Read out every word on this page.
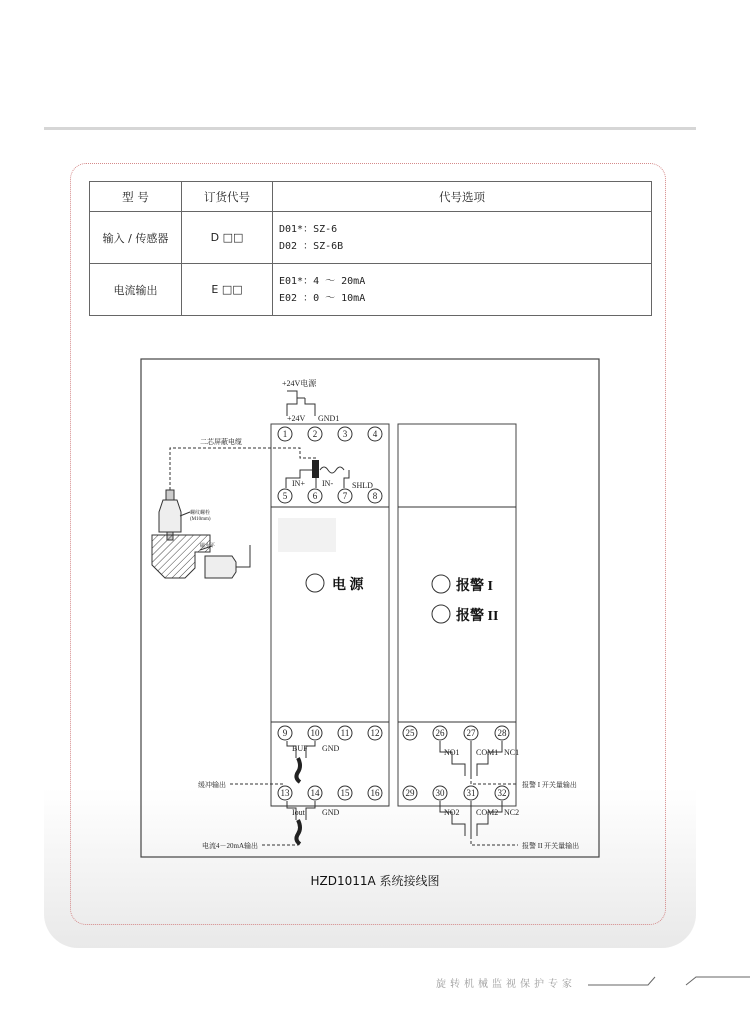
型 号	订货代号	代号选项
输入 / 传感器	D □□	D01*：SZ-6
D02 ：SZ-6B

电流输出	E □□	E01*：4 ～ 20mA
E02 ：0 ～ 10mA
+24V电源
+24V GND1
1	2	3	4
二芯屏蔽电缆
IN+ IN- SHLD
5	6	7	8
螺纹螺栓
(M10mm)
磁水平
电 源	报警 I
报警 II
9	10 11 12
BUF GND
缓冲输出
13 14 15 16
Iout GND
电流4－20mA输出
25 26 27 28
NO1 COM1 NC1
报警 I 开关量输出
29 30 31 32
NO2 COM2 NC2
报警 II 开关量输出
HZD1011A 系统接线图
旋转机械监视保护专家
